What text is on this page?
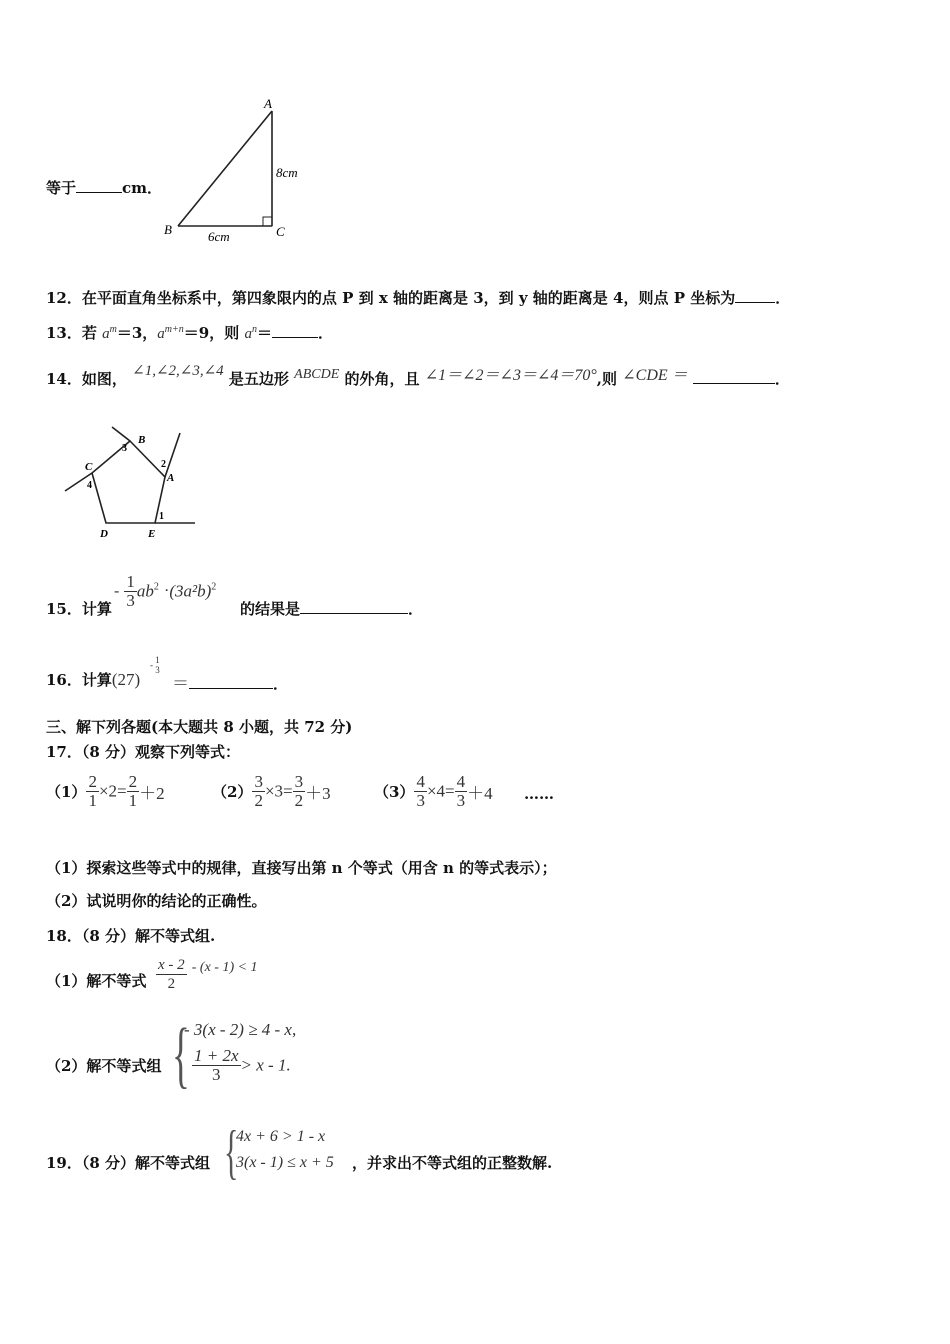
等于	cm．
A
B	C
8cm
6cm
12．在平面直角坐标系中，第四象限内的点 P 到 x 轴的距离是 3，到 y 轴的距离是 4，则点 P 坐标为	．
13．若 $a^m=3$，$a^{m+n}=9$，则 $a^n=$	．
14．如图， ∠1,∠2,∠3,∠4 是五边形 ABCDE 的外角，且 ∠1＝∠2＝∠3＝∠4＝70°,则 ∠CDE ＝	．
B
A
C
D	E
1
2
3
4
15．计算
- $\frac{1}{3} ab^2 \cdot(3a^2b)^2$
的结果是	．
16．计算(27)
- 1
3
＝	．
三、解下列各题(本大题共 8 小题，共 72 分)
17．（8 分）观察下列等式：
$(1) \frac{2}{1} \times 2= \frac{2}{1} +2$	$(2) \frac{3}{2} \times 3= \frac{3}{2} +3$	$(3) \frac{4}{3} \times 4= \frac{4}{3} +4$ ……
（1）探索这些等式中的规律，直接写出第 n 个等式（用含 n 的等式表示）；
（2）试说明你的结论的正确性。
18．（8 分）解不等式组.
（1）解不等式 $\frac{x - 2}{2} - (x - 1) < 1$
（2）解不等式组 {
- 3(x - 2) ≥ 4 - x,
$\frac{1 + 2x}{3} > x - 1$.
19．（8 分）解不等式组 {
4x + 6 > 1 - x
3(x - 1) ≤ x + 5 ，并求出不等式组的正整数解.
